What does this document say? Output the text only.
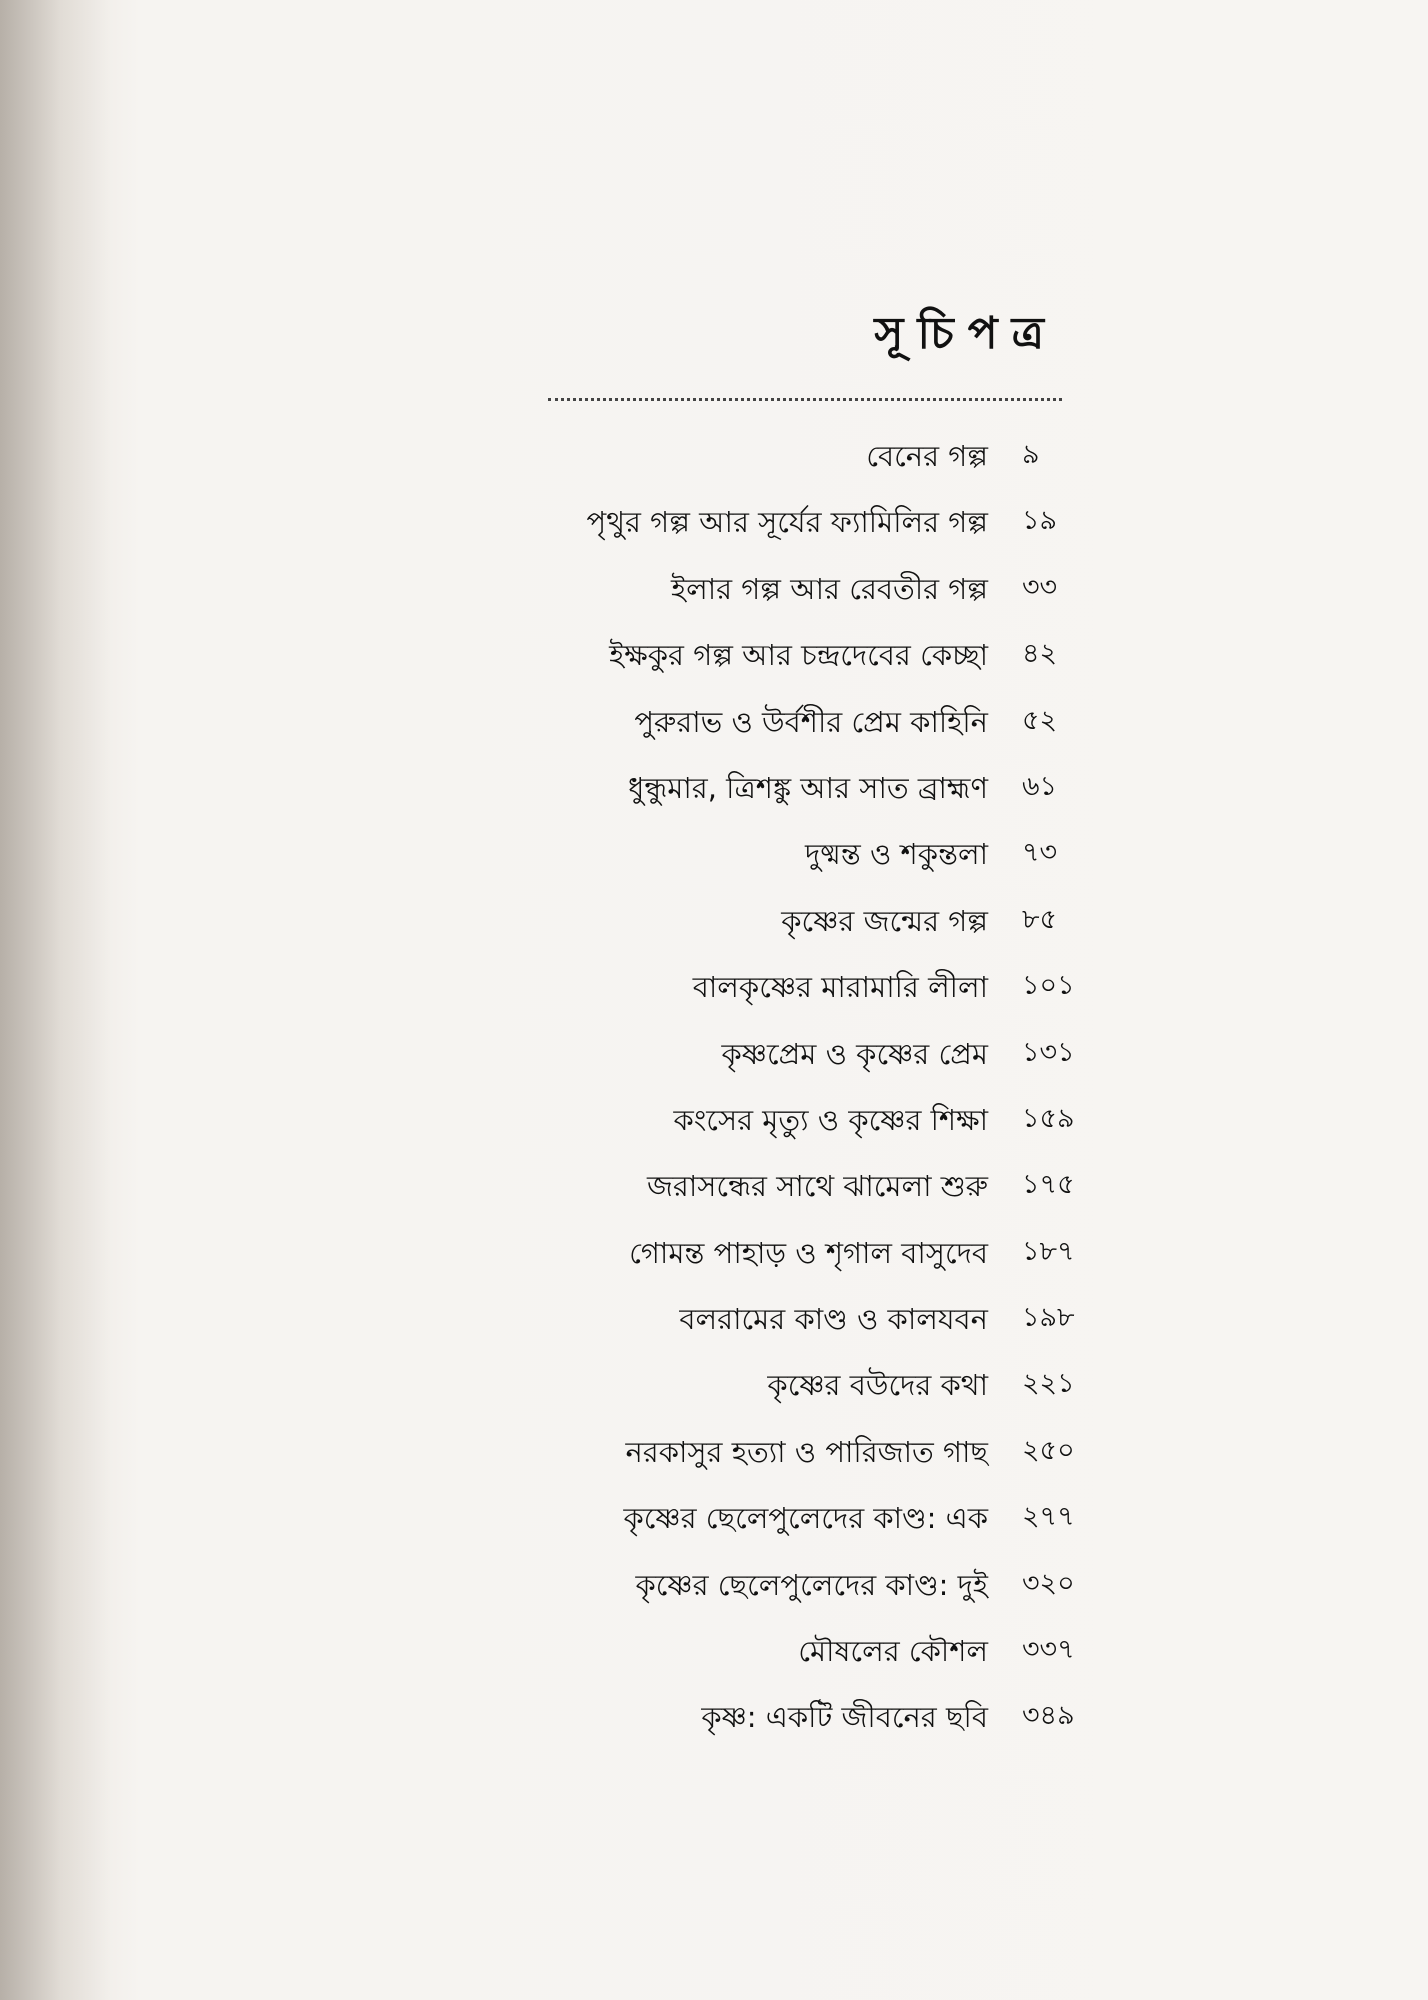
সূচিপত্র
বেনের গল্প ৯
পৃথুর গল্প আর সূর্যের ফ্যামিলির গল্প ১৯
ইলার গল্প আর রেবতীর গল্প ৩৩
ইক্ষকুর গল্প আর চন্দ্রদেবের কেচ্ছা ৪২
পুরুরাভ ও উর্বশীর প্রেম কাহিনি ৫২
ধুন্ধুমার, ত্রিশঙ্কু আর সাত ব্রাহ্মণ ৬১
দুষ্মন্ত ও শকুন্তলা ৭৩
কৃষ্ণের জন্মের গল্প ৮৫
বালকৃষ্ণের মারামারি লীলা ১০১
কৃষ্ণপ্রেম ও কৃষ্ণের প্রেম ১৩১
কংসের মৃত্যু ও কৃষ্ণের শিক্ষা ১৫৯
জরাসন্ধের সাথে ঝামেলা শুরু ১৭৫
গোমন্ত পাহাড় ও শৃগাল বাসুদেব ১৮৭
বলরামের কাণ্ড ও কালযবন ১৯৮
কৃষ্ণের বউদের কথা ২২১
নরকাসুর হত্যা ও পারিজাত গাছ ২৫০
কৃষ্ণের ছেলেপুলেদের কাণ্ড: এক ২৭৭
কৃষ্ণের ছেলেপুলেদের কাণ্ড: দুই ৩২০
মৌষলের কৌশল ৩৩৭
কৃষ্ণ: একটি জীবনের ছবি ৩৪৯
